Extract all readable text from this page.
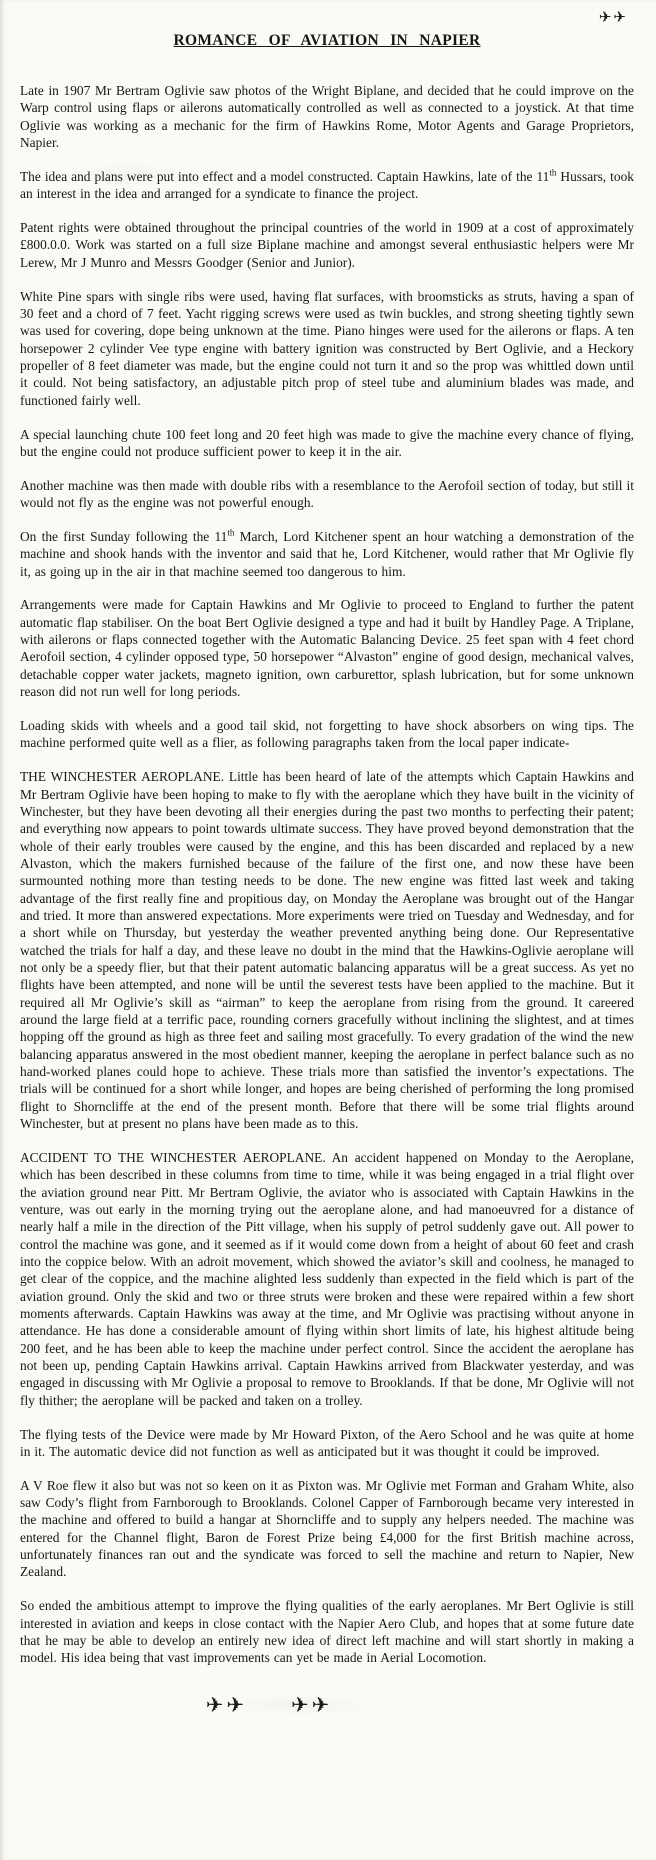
✈✈
ROMANCE OF AVIATION IN NAPIER

Late in 1907 Mr Bertram Oglivie saw photos of the Wright Biplane, and decided that he could improve on the Warp control using flaps or ailerons automatically controlled as well as connected to a joystick. At that time Oglivie was working as a mechanic for the firm of Hawkins Rome, Motor Agents and Garage Proprietors, Napier.

The idea and plans were put into effect and a model constructed. Captain Hawkins, late of the 11th Hussars, took an interest in the idea and arranged for a syndicate to finance the project.

Patent rights were obtained throughout the principal countries of the world in 1909 at a cost of approximately £800.0.0. Work was started on a full size Biplane machine and amongst several enthusiastic helpers were Mr Lerew, Mr J Munro and Messrs Goodger (Senior and Junior).

White Pine spars with single ribs were used, having flat surfaces, with broomsticks as struts, having a span of 30 feet and a chord of 7 feet. Yacht rigging screws were used as twin buckles, and strong sheeting tightly sewn was used for covering, dope being unknown at the time. Piano hinges were used for the ailerons or flaps. A ten horsepower 2 cylinder Vee type engine with battery ignition was constructed by Bert Oglivie, and a Heckory propeller of 8 feet diameter was made, but the engine could not turn it and so the prop was whittled down until it could. Not being satisfactory, an adjustable pitch prop of steel tube and aluminium blades was made, and functioned fairly well.

A special launching chute 100 feet long and 20 feet high was made to give the machine every chance of flying, but the engine could not produce sufficient power to keep it in the air.

Another machine was then made with double ribs with a resemblance to the Aerofoil section of today, but still it would not fly as the engine was not powerful enough.

On the first Sunday following the 11th March, Lord Kitchener spent an hour watching a demonstration of the machine and shook hands with the inventor and said that he, Lord Kitchener, would rather that Mr Oglivie fly it, as going up in the air in that machine seemed too dangerous to him.

Arrangements were made for Captain Hawkins and Mr Oglivie to proceed to England to further the patent automatic flap stabiliser. On the boat Bert Oglivie designed a type and had it built by Handley Page. A Triplane, with ailerons or flaps connected together with the Automatic Balancing Device. 25 feet span with 4 feet chord Aerofoil section, 4 cylinder opposed type, 50 horsepower “Alvaston” engine of good design, mechanical valves, detachable copper water jackets, magneto ignition, own carburettor, splash lubrication, but for some unknown reason did not run well for long periods.

Loading skids with wheels and a good tail skid, not forgetting to have shock absorbers on wing tips. The machine performed quite well as a flier, as following paragraphs taken from the local paper indicate-

THE WINCHESTER AEROPLANE. Little has been heard of late of the attempts which Captain Hawkins and Mr Bertram Oglivie have been hoping to make to fly with the aeroplane which they have built in the vicinity of Winchester, but they have been devoting all their energies during the past two months to perfecting their patent; and everything now appears to point towards ultimate success. They have proved beyond demonstration that the whole of their early troubles were caused by the engine, and this has been discarded and replaced by a new Alvaston, which the makers furnished because of the failure of the first one, and now these have been surmounted nothing more than testing needs to be done. The new engine was fitted last week and taking advantage of the first really fine and propitious day, on Monday the Aeroplane was brought out of the Hangar and tried. It more than answered expectations. More experiments were tried on Tuesday and Wednesday, and for a short while on Thursday, but yesterday the weather prevented anything being done. Our Representative watched the trials for half a day, and these leave no doubt in the mind that the Hawkins-Oglivie aeroplane will not only be a speedy flier, but that their patent automatic balancing apparatus will be a great success. As yet no flights have been attempted, and none will be until the severest tests have been applied to the machine. But it required all Mr Oglivie’s skill as “airman” to keep the aeroplane from rising from the ground. It careered around the large field at a terrific pace, rounding corners gracefully without inclining the slightest, and at times hopping off the ground as high as three feet and sailing most gracefully. To every gradation of the wind the new balancing apparatus answered in the most obedient manner, keeping the aeroplane in perfect balance such as no hand-worked planes could hope to achieve. These trials more than satisfied the inventor’s expectations. The trials will be continued for a short while longer, and hopes are being cherished of performing the long promised flight to Shorncliffe at the end of the present month. Before that there will be some trial flights around Winchester, but at present no plans have been made as to this.

ACCIDENT TO THE WINCHESTER AEROPLANE. An accident happened on Monday to the Aeroplane, which has been described in these columns from time to time, while it was being engaged in a trial flight over the aviation ground near Pitt. Mr Bertram Oglivie, the aviator who is associated with Captain Hawkins in the venture, was out early in the morning trying out the aeroplane alone, and had manoeuvred for a distance of nearly half a mile in the direction of the Pitt village, when his supply of petrol suddenly gave out. All power to control the machine was gone, and it seemed as if it would come down from a height of about 60 feet and crash into the coppice below. With an adroit movement, which showed the aviator’s skill and coolness, he managed to get clear of the coppice, and the machine alighted less suddenly than expected in the field which is part of the aviation ground. Only the skid and two or three struts were broken and these were repaired within a few short moments afterwards. Captain Hawkins was away at the time, and Mr Oglivie was practising without anyone in attendance. He has done a considerable amount of flying within short limits of late, his highest altitude being 200 feet, and he has been able to keep the machine under perfect control. Since the accident the aeroplane has not been up, pending Captain Hawkins arrival. Captain Hawkins arrived from Blackwater yesterday, and was engaged in discussing with Mr Oglivie a proposal to remove to Brooklands. If that be done, Mr Oglivie will not fly thither; the aeroplane will be packed and taken on a trolley.

The flying tests of the Device were made by Mr Howard Pixton, of the Aero School and he was quite at home in it. The automatic device did not function as well as anticipated but it was thought it could be improved.

A V Roe flew it also but was not so keen on it as Pixton was. Mr Oglivie met Forman and Graham White, also saw Cody’s flight from Farnborough to Brooklands. Colonel Capper of Farnborough became very interested in the machine and offered to build a hangar at Shorncliffe and to supply any helpers needed. The machine was entered for the Channel flight, Baron de Forest Prize being £4,000 for the first British machine across, unfortunately finances ran out and the syndicate was forced to sell the machine and return to Napier, New Zealand.

So ended the ambitious attempt to improve the flying qualities of the early aeroplanes. Mr Bert Oglivie is still interested in aviation and keeps in close contact with the Napier Aero Club, and hopes that at some future date that he may be able to develop an entirely new idea of direct left machine and will start shortly in making a model. His idea being that vast improvements can yet be made in Aerial Locomotion.

✈✈ ✈✈
